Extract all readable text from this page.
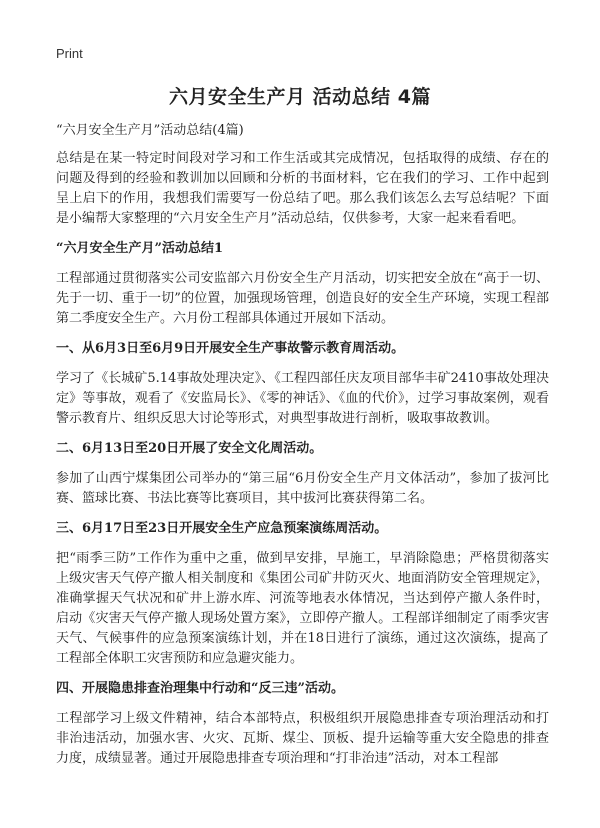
Print
六月安全生产月 活动总结 4篇
“六月安全生产月”活动总结(4篇)

总结是在某一特定时间段对学习和工作生活或其完成情况，包括取得的成绩、存在的问题及得到的经验和教训加以回顾和分析的书面材料，它在我们的学习、工作中起到呈上启下的作用，我想我们需要写一份总结了吧。那么我们该怎么去写总结呢？下面是小编帮大家整理的“六月安全生产月”活动总结，仅供参考，大家一起来看看吧。

“六月安全生产月”活动总结1

工程部通过贯彻落实公司安监部六月份安全生产月活动，切实把安全放在“高于一切、先于一切、重于一切”的位置，加强现场管理，创造良好的安全生产环境，实现工程部第二季度安全生产。六月份工程部具体通过开展如下活动。

一、从6月3日至6月9日开展安全生产事故警示教育周活动。

学习了《长城矿5.14事故处理决定》、《工程四部任庆友项目部华丰矿2410事故处理决定》等事故，观看了《安监局长》、《零的神话》、《血的代价》，过学习事故案例，观看警示教育片、组织反思大讨论等形式，对典型事故进行剖析，吸取事故教训。

二、6月13日至20日开展了安全文化周活动。

参加了山西宁煤集团公司举办的“第三届“6月份安全生产月文体活动”，参加了拔河比赛、篮球比赛、书法比赛等比赛项目，其中拔河比赛获得第二名。

三、6月17日至23日开展安全生产应急预案演练周活动。

把“雨季三防”工作作为重中之重，做到早安排，早施工，早消除隐患；严格贯彻落实上级灾害天气停产撤人相关制度和《集团公司矿井防灭火、地面消防安全管理规定》，准确掌握天气状况和矿井上游水库、河流等地表水体情况，当达到停产撤人条件时，启动《灾害天气停产撤人现场处置方案》，立即停产撤人。工程部详细制定了雨季灾害天气、气候事件的应急预案演练计划，并在18日进行了演练，通过这次演练，提高了工程部全体职工灾害预防和应急避灾能力。

四、开展隐患排查治理集中行动和“反三违”活动。

工程部学习上级文件精神，结合本部特点，积极组织开展隐患排查专项治理活动和打非治违活动，加强水害、火灾、瓦斯、煤尘、顶板、提升运输等重大安全隐患的排查力度，成绩显著。通过开展隐患排查专项治理和“打非治违”活动，对本工程部
